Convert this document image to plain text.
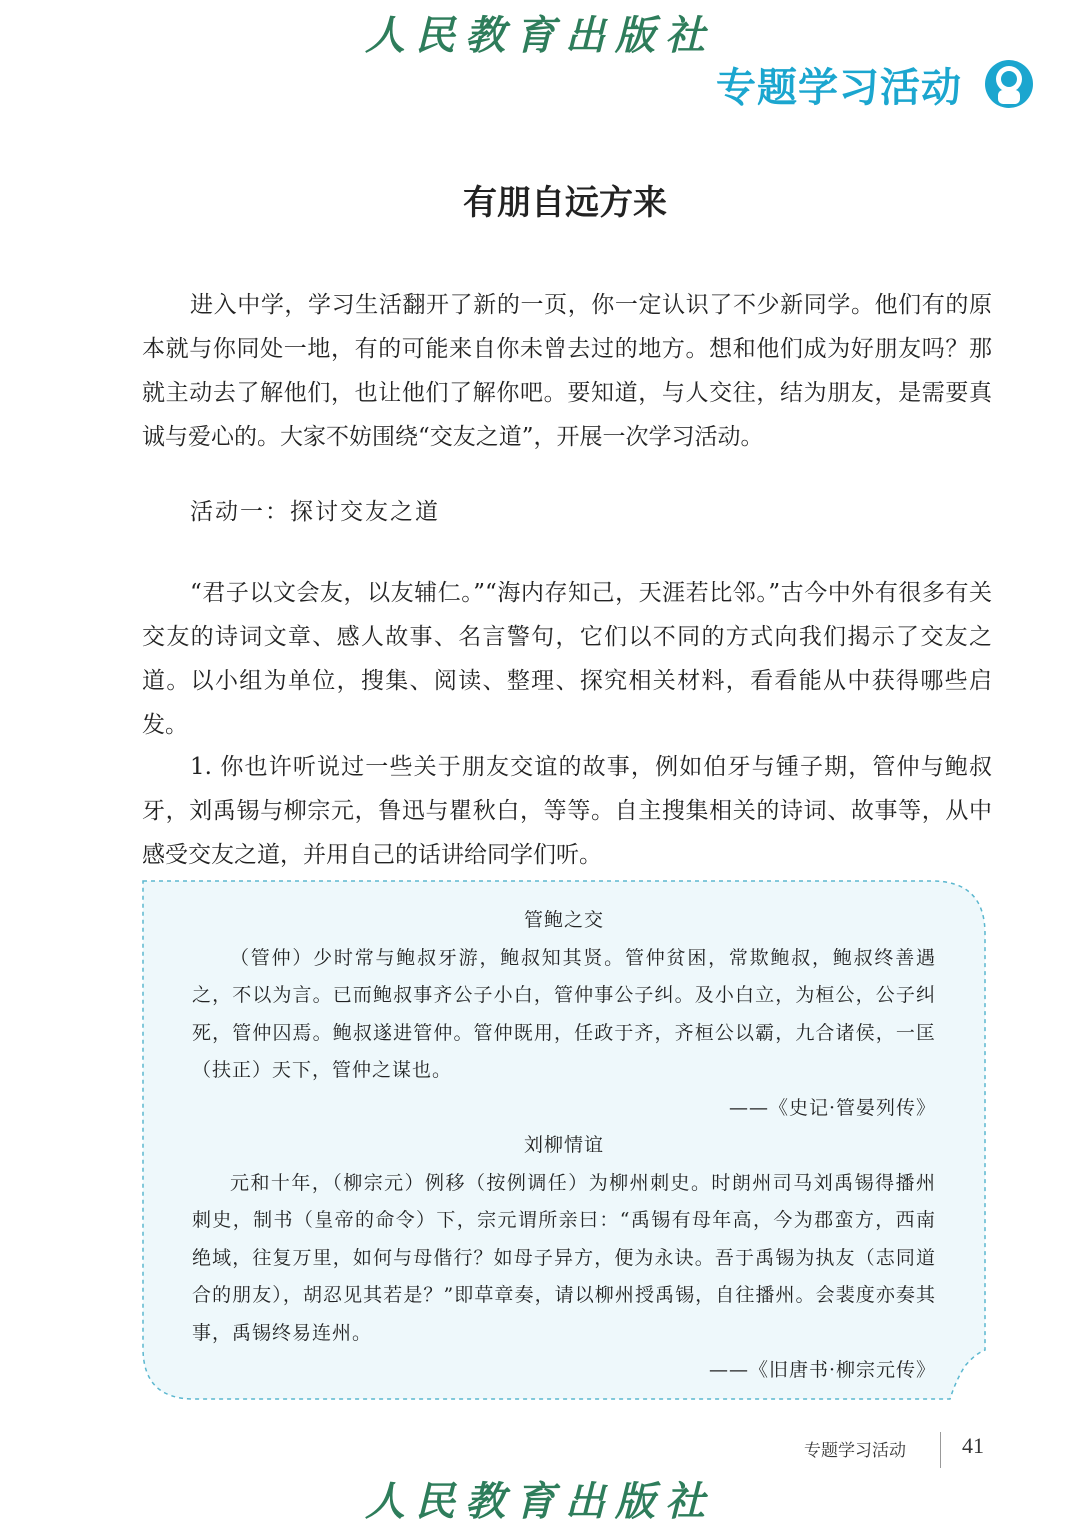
人民教育出版社
专题学习活动
有朋自远方来

进入中学，学习生活翻开了新的一页，你一定认识了不少新同学。他们有的原本就与你同处一地，有的可能来自你未曾去过的地方。想和他们成为好朋友吗？那就主动去了解他们，也让他们了解你吧。要知道，与人交往，结为朋友，是需要真诚与爱心的。大家不妨围绕“交友之道”，开展一次学习活动。

活动一：探讨交友之道

“君子以文会友，以友辅仁。”“海内存知己，天涯若比邻。”古今中外有很多有关交友的诗词文章、感人故事、名言警句，它们以不同的方式向我们揭示了交友之道。以小组为单位，搜集、阅读、整理、探究相关材料，看看能从中获得哪些启发。

1. 你也许听说过一些关于朋友交谊的故事，例如伯牙与锺子期，管仲与鲍叔牙，刘禹锡与柳宗元，鲁迅与瞿秋白，等等。自主搜集相关的诗词、故事等，从中感受交友之道，并用自己的话讲给同学们听。

管鲍之交

（管仲）少时常与鲍叔牙游，鲍叔知其贤。管仲贫困，常欺鲍叔，鲍叔终善遇之，不以为言。已而鲍叔事齐公子小白，管仲事公子纠。及小白立，为桓公，公子纠死，管仲囚焉。鲍叔遂进管仲。管仲既用，任政于齐，齐桓公以霸，九合诸侯，一匡（扶正）天下，管仲之谋也。

——《史记·管晏列传》

刘柳情谊

元和十年，（柳宗元）例移（按例调任）为柳州刺史。时朗州司马刘禹锡得播州刺史，制书（皇帝的命令）下，宗元谓所亲曰：“禹锡有母年高，今为郡蛮方，西南绝域，往复万里，如何与母偕行？如母子异方，便为永诀。吾于禹锡为执友（志同道合的朋友），胡忍见其若是？”即草章奏，请以柳州授禹锡，自往播州。会裴度亦奏其事，禹锡终易连州。

——《旧唐书·柳宗元传》

专题学习活动	41
人民教育出版社
